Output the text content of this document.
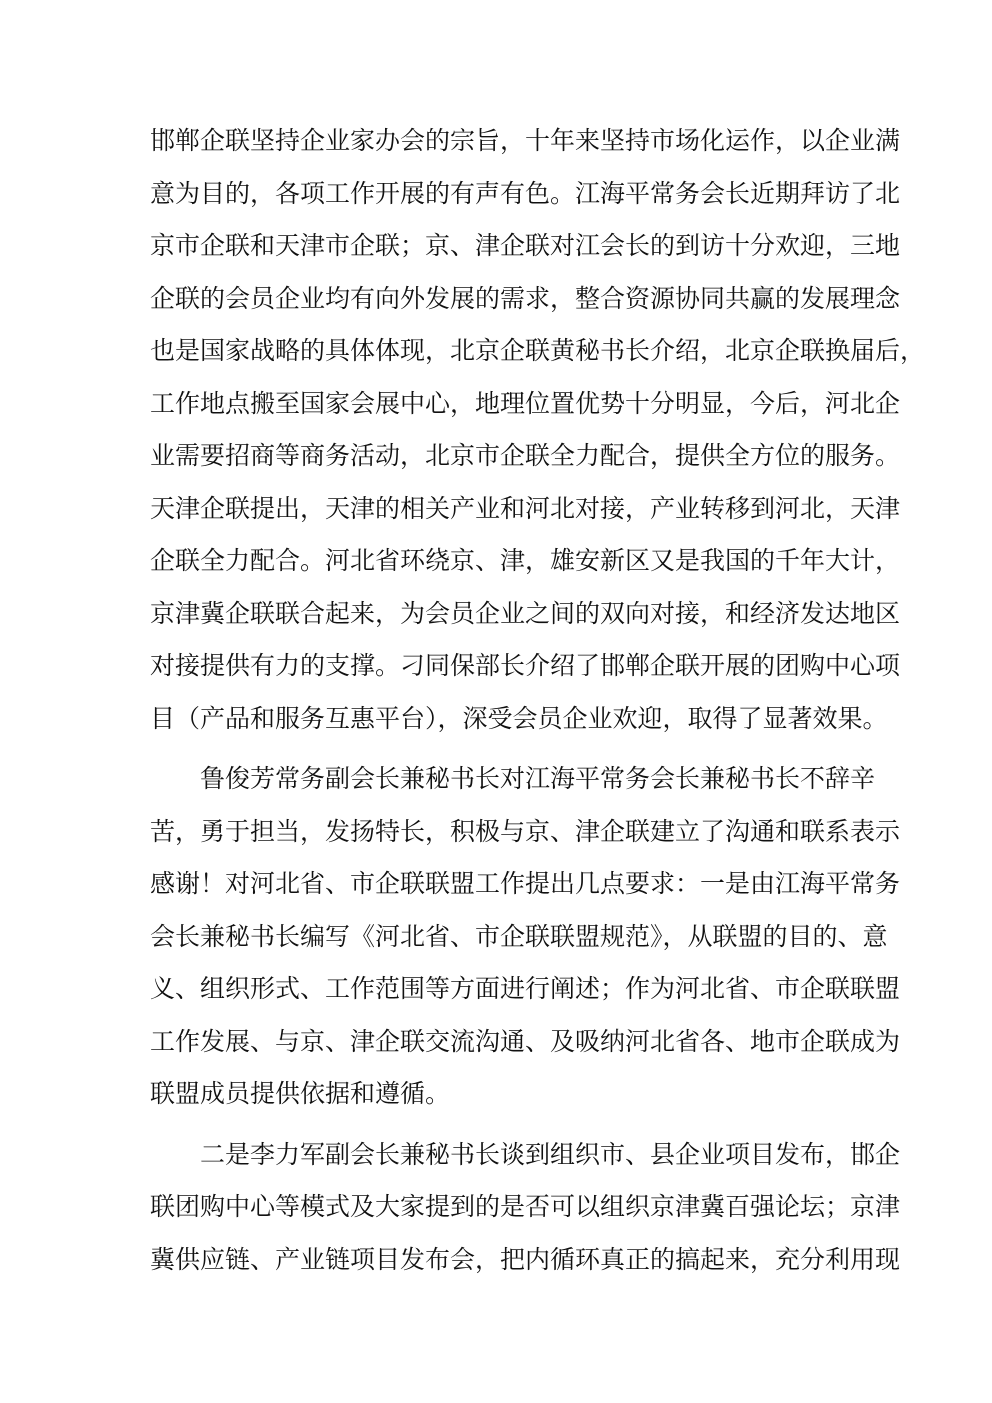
邯郸企联坚持企业家办会的宗旨，十年来坚持市场化运作，以企业满
意为目的，各项工作开展的有声有色。江海平常务会长近期拜访了北
京市企联和天津市企联；京、津企联对江会长的到访十分欢迎，三地
企联的会员企业均有向外发展的需求，整合资源协同共赢的发展理念
也是国家战略的具体体现，北京企联黄秘书长介绍，北京企联换届后，
工作地点搬至国家会展中心，地理位置优势十分明显，今后，河北企
业需要招商等商务活动，北京市企联全力配合，提供全方位的服务。
天津企联提出，天津的相关产业和河北对接，产业转移到河北，天津
企联全力配合。河北省环绕京、津，雄安新区又是我国的千年大计，
京津冀企联联合起来，为会员企业之间的双向对接，和经济发达地区
对接提供有力的支撑。刁同保部长介绍了邯郸企联开展的团购中心项
目（产品和服务互惠平台），深受会员企业欢迎，取得了显著效果。
鲁俊芳常务副会长兼秘书长对江海平常务会长兼秘书长不辞辛
苦，勇于担当，发扬特长，积极与京、津企联建立了沟通和联系表示
感谢！对河北省、市企联联盟工作提出几点要求：一是由江海平常务
会长兼秘书长编写《河北省、市企联联盟规范》，从联盟的目的、意
义、组织形式、工作范围等方面进行阐述；作为河北省、市企联联盟
工作发展、与京、津企联交流沟通、及吸纳河北省各、地市企联成为
联盟成员提供依据和遵循。
二是李力军副会长兼秘书长谈到组织市、县企业项目发布，邯企
联团购中心等模式及大家提到的是否可以组织京津冀百强论坛；京津
冀供应链、产业链项目发布会，把内循环真正的搞起来，充分利用现
